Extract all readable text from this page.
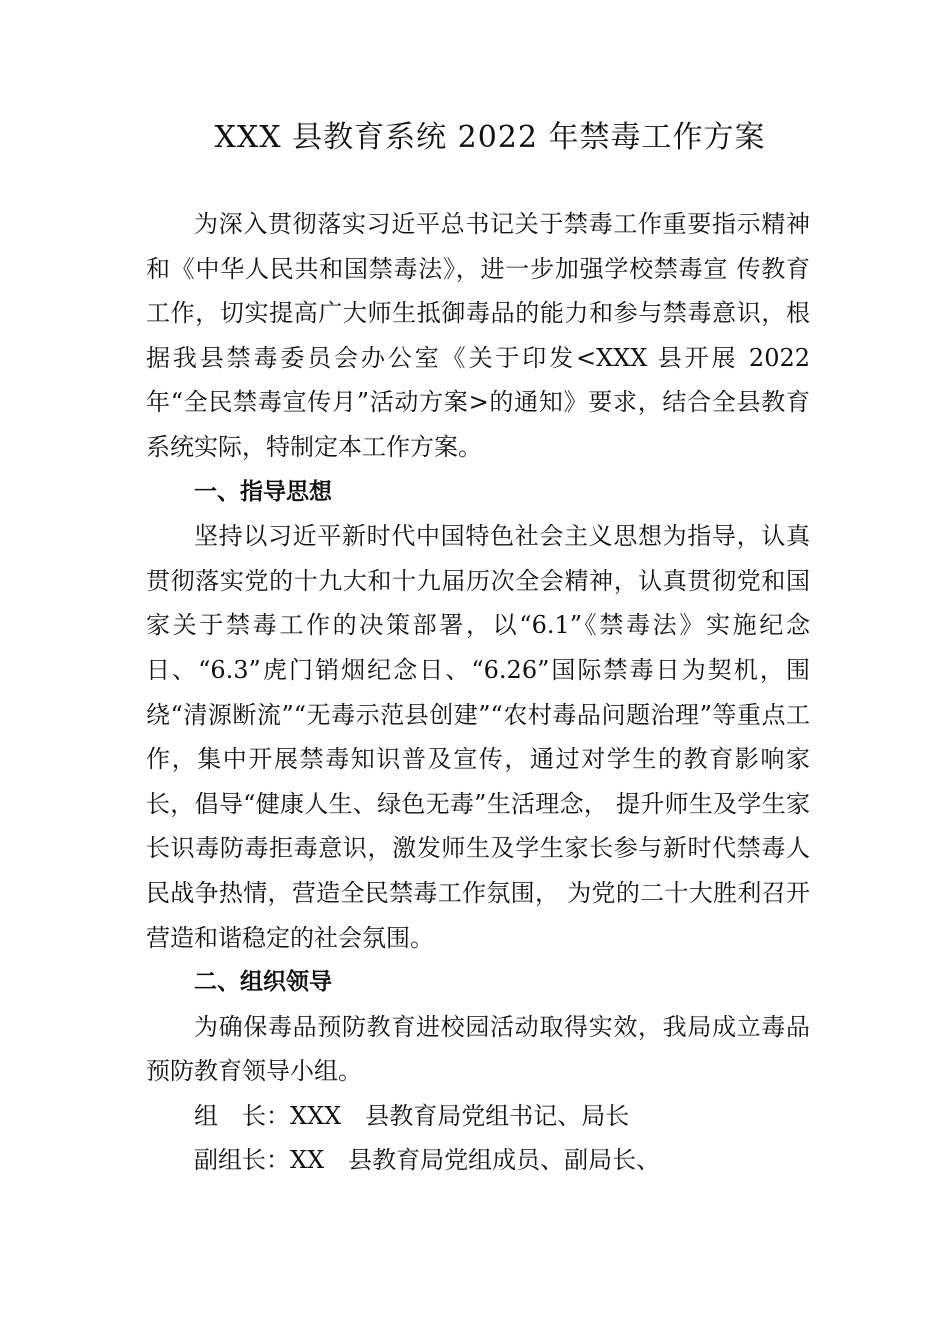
XXX 县教育系统 2022 年禁毒工作方案

为深入贯彻落实习近平总书记关于禁毒工作重要指示精神和《中华人民共和国禁毒法》，进一步加强学校禁毒宣 传教育工作，切实提高广大师生抵御毒品的能力和参与禁毒意识，根据我县禁毒委员会办公室《关于印发<XXX 县开展 2022 年“全民禁毒宣传月”活动方案>的通知》要求，结合全县教育系统实际，特制定本工作方案。

一、指导思想

坚持以习近平新时代中国特色社会主义思想为指导，认真贯彻落实党的十九大和十九届历次全会精神，认真贯彻党和国家关于禁毒工作的决策部署，以“6.1”《禁毒法》实施纪念日、“6.3”虎门销烟纪念日、“6.26”国际禁毒日为契机，围绕“清源断流”“无毒示范县创建”“农村毒品问题治理”等重点工作，集中开展禁毒知识普及宣传，通过对学生的教育影响家长，倡导“健康人生、绿色无毒”生活理念， 提升师生及学生家长识毒防毒拒毒意识，激发师生及学生家长参与新时代禁毒人民战争热情，营造全民禁毒工作氛围， 为党的二十大胜利召开营造和谐稳定的社会氛围。

二、组织领导

为确保毒品预防教育进校园活动取得实效，我局成立毒品预防教育领导小组。

组　长：XXX　县教育局党组书记、局长

副组长：XX　县教育局党组成员、副局长、
